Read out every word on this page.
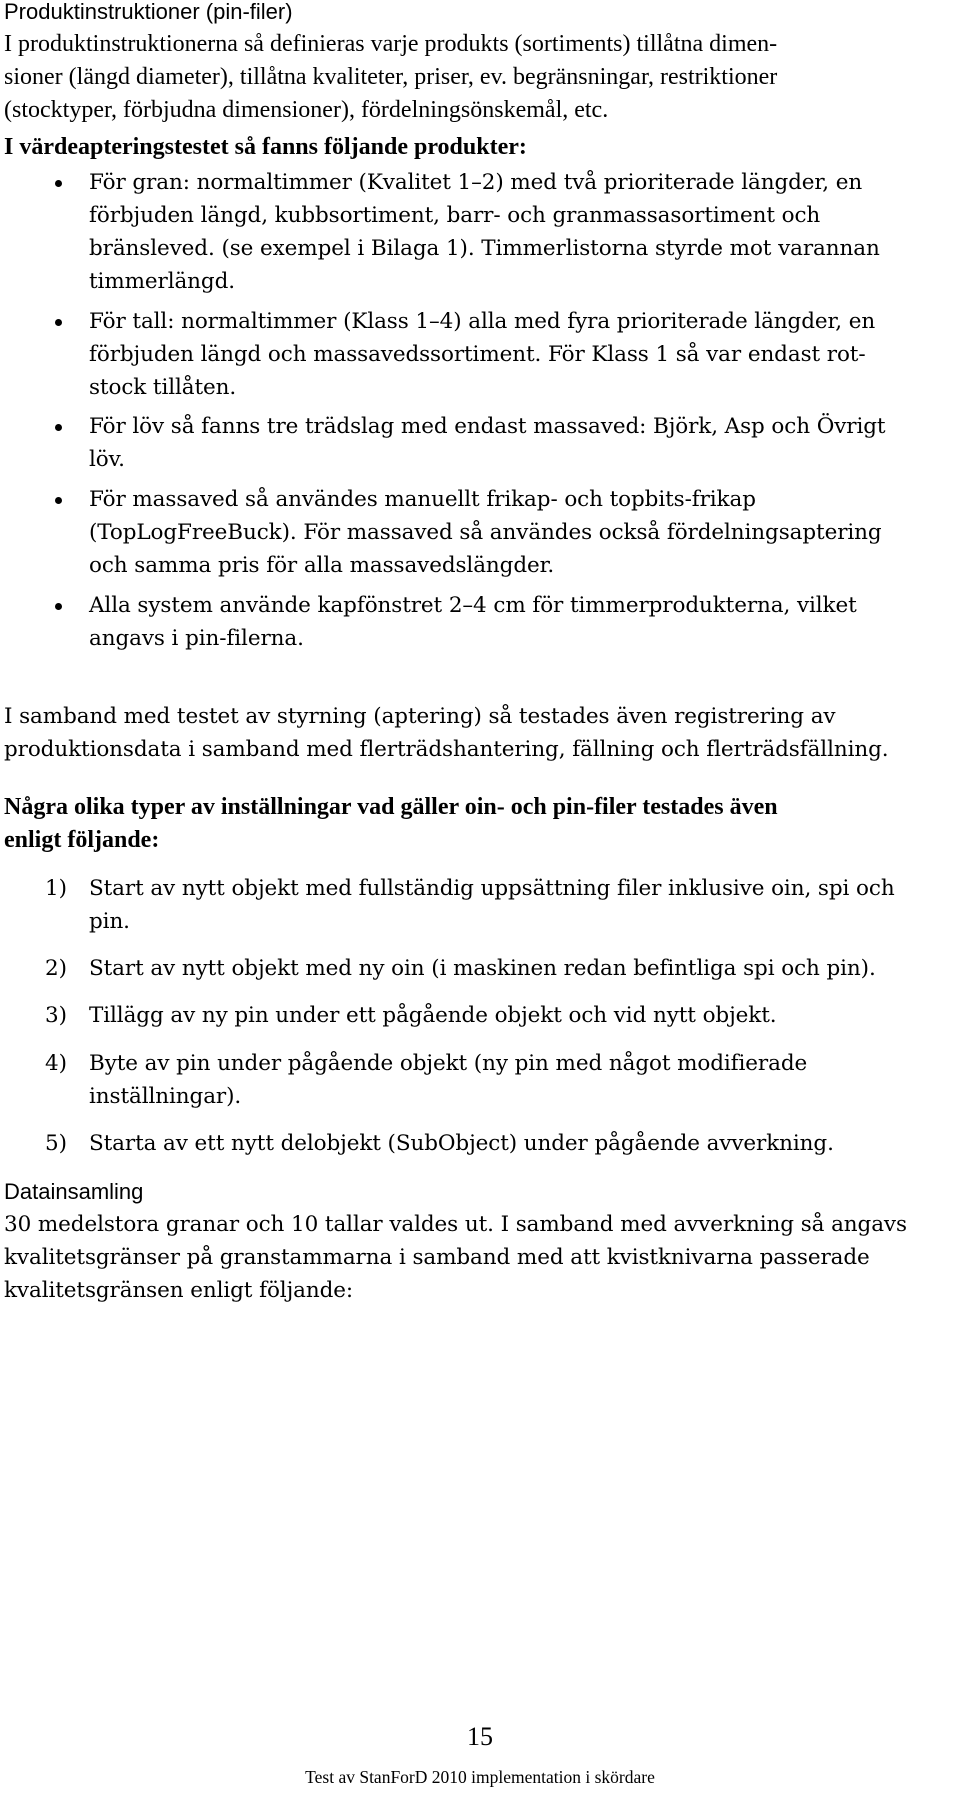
Produktinstruktioner (pin-filer)
I produktinstruktionerna så definieras varje produkts (sortiments) tillåtna dimen-
sioner (längd diameter), tillåtna kvaliteter, priser, ev. begränsningar, restriktioner
(stocktyper, förbjudna dimensioner), fördelningsönskemål, etc.
I värdeapteringstestet så fanns följande produkter:
För gran: normaltimmer (Kvalitet 1–2) med två prioriterade längder, en
förbjuden längd, kubbsortiment, barr- och granmassasortiment och
bränsleved. (se exempel i Bilaga 1). Timmerlistorna styrde mot varannan
timmerlängd.
För tall: normaltimmer (Klass 1–4) alla med fyra prioriterade längder, en
förbjuden längd och massavedssortiment. För Klass 1 så var endast rot-
stock tillåten.
För löv så fanns tre trädslag med endast massaved: Björk, Asp och Övrigt
löv.
För massaved så användes manuellt frikap- och topbits-frikap
(TopLogFreeBuck). För massaved så användes också fördelningsaptering
och samma pris för alla massavedslängder.
Alla system använde kapfönstret 2–4 cm för timmerprodukterna, vilket
angavs i pin-filerna.
I samband med testet av styrning (aptering) så testades även registrering av
produktionsdata i samband med flerträdshantering, fällning och flerträdsfällning.
Några olika typer av inställningar vad gäller oin- och pin-filer testades även
enligt följande:
1) Start av nytt objekt med fullständig uppsättning filer inklusive oin, spi och
pin.
2) Start av nytt objekt med ny oin (i maskinen redan befintliga spi och pin).
3) Tillägg av ny pin under ett pågående objekt och vid nytt objekt.
4) Byte av pin under pågående objekt (ny pin med något modifierade
inställningar).
5) Starta av ett nytt delobjekt (SubObject) under pågående avverkning.
Datainsamling
30 medelstora granar och 10 tallar valdes ut. I samband med avverkning så angavs
kvalitetsgränser på granstammarna i samband med att kvistknivarna passerade
kvalitetsgränsen enligt följande:
15
Test av StanForD 2010 implementation i skördare
